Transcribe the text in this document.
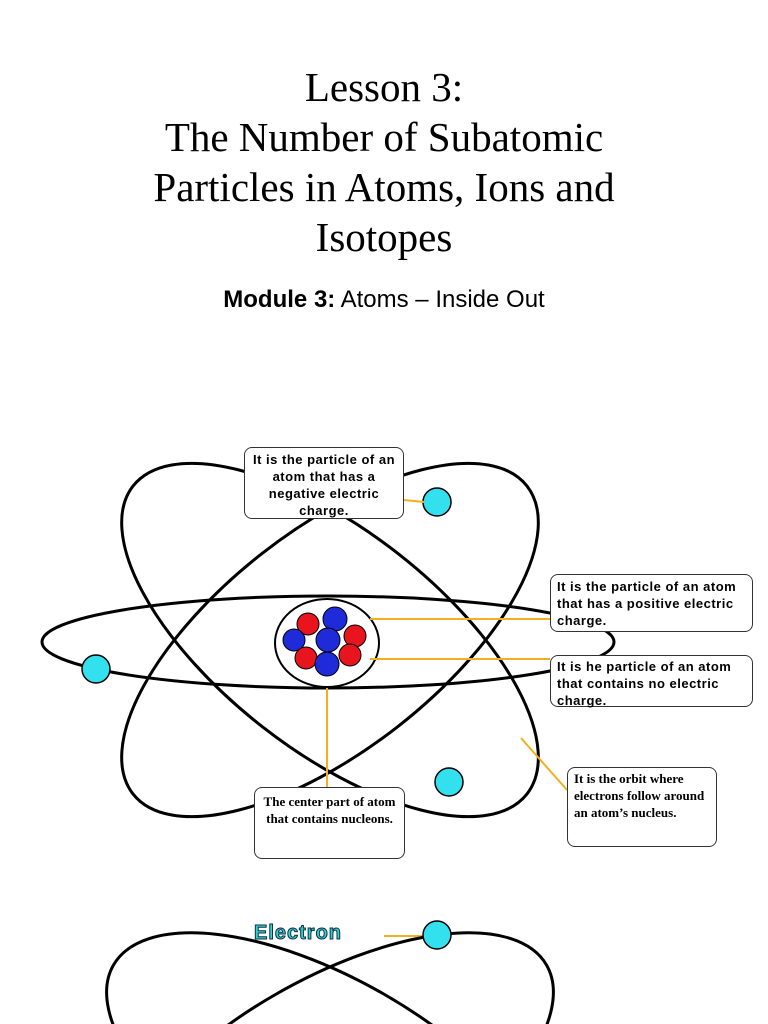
Lesson 3:
The Number of Subatomic
Particles in Atoms, Ions and
Isotopes
Module 3: Atoms – Inside Out
It is the particle of an atom that has a negative electric charge.
It is the particle of an atom that has a positive electric charge.
It is he particle of an atom that contains no electric charge.
The center part of atom that contains nucleons.
It is the orbit where electrons follow around an atom’s nucleus.
Electron
